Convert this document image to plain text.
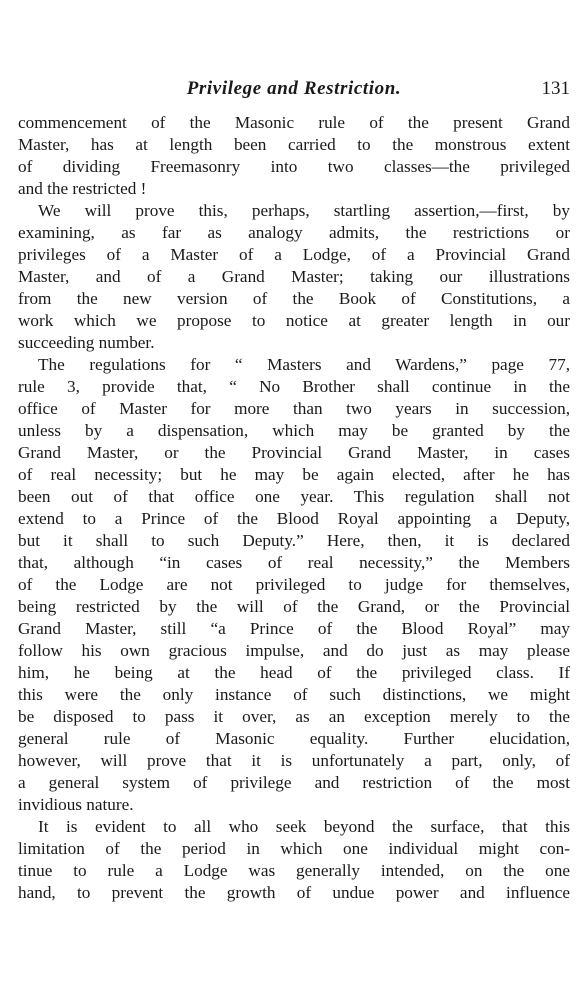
Privilege and Restriction.	131
commencement of the Masonic rule of the present Grand
Master, has at length been carried to the monstrous extent
of dividing Freemasonry into two classes—the privileged
and the restricted !
We will prove this, perhaps, startling assertion,—first, by
examining, as far as analogy admits, the restrictions or
privileges of a Master of a Lodge, of a Provincial Grand
Master, and of a Grand Master; taking our illustrations
from the new version of the Book of Constitutions, a
work which we propose to notice at greater length in our
succeeding number.
The regulations for “ Masters and Wardens,” page 77,
rule 3, provide that, “ No Brother shall continue in the
office of Master for more than two years in succession,
unless by a dispensation, which may be granted by the
Grand Master, or the Provincial Grand Master, in cases
of real necessity; but he may be again elected, after he has
been out of that office one year. This regulation shall not
extend to a Prince of the Blood Royal appointing a Deputy,
but it shall to such Deputy.” Here, then, it is declared
that, although “in cases of real necessity,” the Members
of the Lodge are not privileged to judge for themselves,
being restricted by the will of the Grand, or the Provincial
Grand Master, still “a Prince of the Blood Royal” may
follow his own gracious impulse, and do just as may please
him, he being at the head of the privileged class. If
this were the only instance of such distinctions, we might
be disposed to pass it over, as an exception merely to the
general rule of Masonic equality. Further elucidation,
however, will prove that it is unfortunately a part, only, of
a general system of privilege and restriction of the most
invidious nature.
It is evident to all who seek beyond the surface, that this
limitation of the period in which one individual might con-
tinue to rule a Lodge was generally intended, on the one
hand, to prevent the growth of undue power and influence
